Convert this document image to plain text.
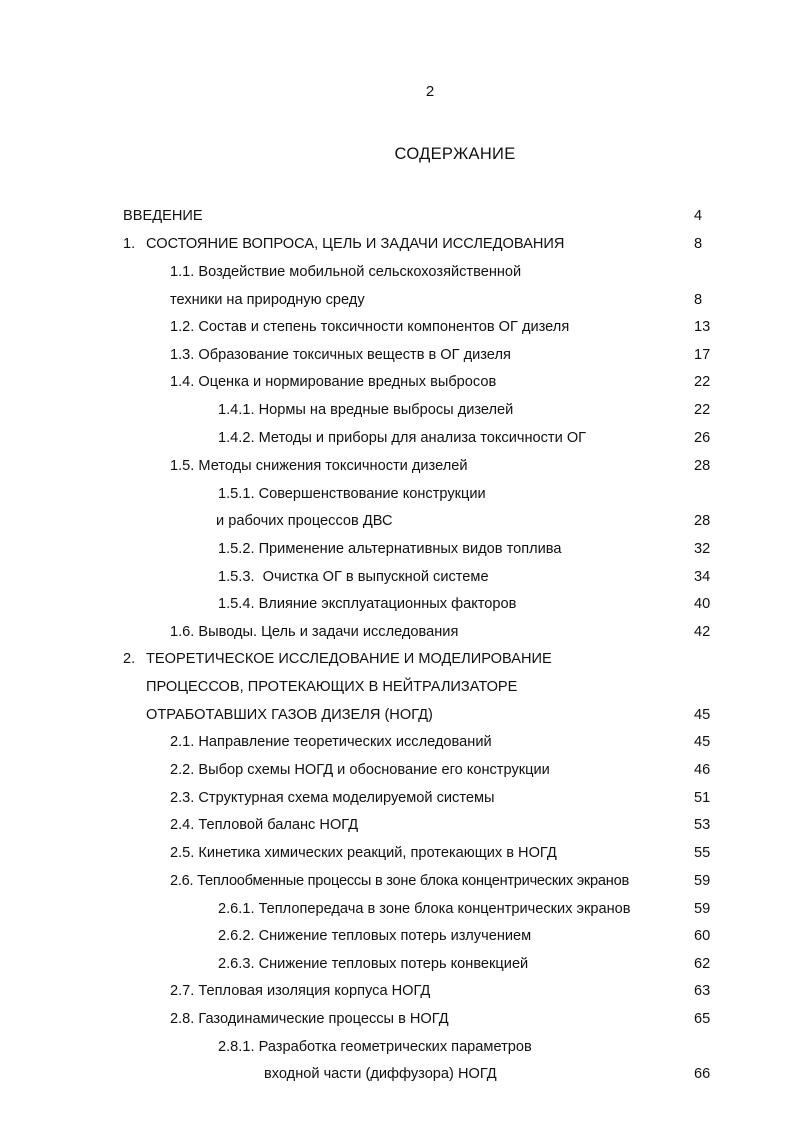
2
СОДЕРЖАНИЕ
ВВЕДЕНИЕ	4
1. СОСТОЯНИЕ ВОПРОСА, ЦЕЛЬ И ЗАДАЧИ ИССЛЕДОВАНИЯ	8
1.1. Воздействие мобильной сельскохозяйственной
техники на природную среду	8
1.2. Состав и степень токсичности компонентов ОГ дизеля	13
1.3. Образование токсичных веществ в ОГ дизеля	17
1.4. Оценка и нормирование вредных выбросов	22
1.4.1. Нормы на вредные выбросы дизелей	22
1.4.2. Методы и приборы для анализа токсичности ОГ	26
1.5. Методы снижения токсичности дизелей	28
1.5.1. Совершенствование конструкции
и рабочих процессов ДВС	28
1.5.2. Применение альтернативных видов топлива	32
1.5.3.  Очистка ОГ в выпускной системе	34
1.5.4. Влияние эксплуатационных факторов	40
1.6. Выводы. Цель и задачи исследования	42
2. ТЕОРЕТИЧЕСКОЕ ИССЛЕДОВАНИЕ И МОДЕЛИРОВАНИЕ
ПРОЦЕССОВ, ПРОТЕКАЮЩИХ В НЕЙТРАЛИЗАТОРЕ
ОТРАБОТАВШИХ ГАЗОВ ДИЗЕЛЯ (НОГД)	45
2.1. Направление теоретических исследований	45
2.2. Выбор схемы НОГД и обоснование его конструкции	46
2.3. Структурная схема моделируемой системы	51
2.4. Тепловой баланс НОГД	53
2.5. Кинетика химических реакций, протекающих в НОГД	55
2.6. Теплообменные процессы в зоне блока концентрических экранов	59
2.6.1. Теплопередача в зоне блока концентрических экранов	59
2.6.2. Снижение тепловых потерь излучением	60
2.6.3. Снижение тепловых потерь конвекцией	62
2.7. Тепловая изоляция корпуса НОГД	63
2.8. Газодинамические процессы в НОГД	65
2.8.1. Разработка геометрических параметров
входной части (диффузора) НОГД	66
